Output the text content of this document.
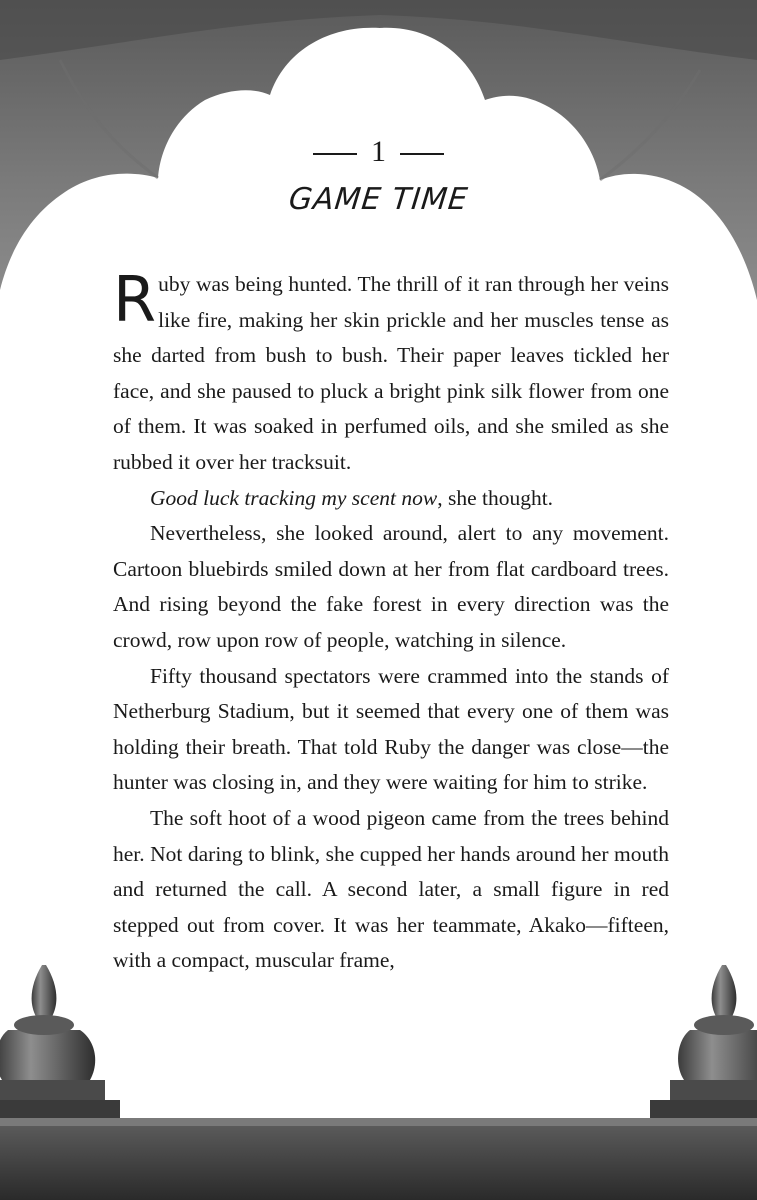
1
GAME TIME

Ruby was being hunted. The thrill of it ran through her veins like fire, making her skin prickle and her muscles tense as she darted from bush to bush. Their paper leaves tickled her face, and she paused to pluck a bright pink silk flower from one of them. It was soaked in perfumed oils, and she smiled as she rubbed it over her tracksuit.

Good luck tracking my scent now, she thought.

Nevertheless, she looked around, alert to any movement. Cartoon bluebirds smiled down at her from flat cardboard trees. And rising beyond the fake forest in every direction was the crowd, row upon row of people, watching in silence.

Fifty thousand spectators were crammed into the stands of Netherburg Stadium, but it seemed that every one of them was holding their breath. That told Ruby the danger was close—the hunter was closing in, and they were waiting for him to strike.

The soft hoot of a wood pigeon came from the trees behind her. Not daring to blink, she cupped her hands around her mouth and returned the call. A second later, a small figure in red stepped out from cover. It was her teammate, Akako—fifteen, with a compact, muscular frame,
